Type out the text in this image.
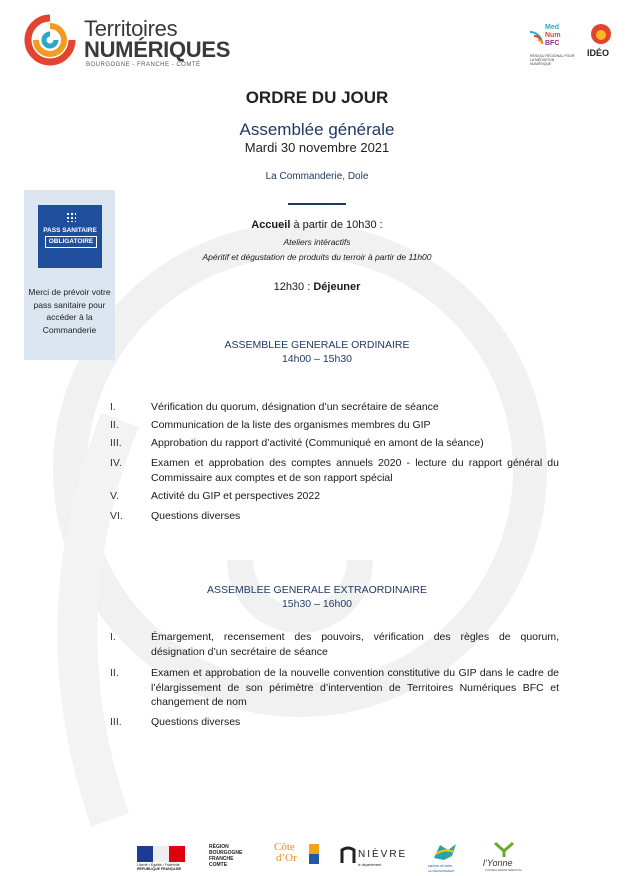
Territoires
NUMÉRIQUES
BOURGOGNE - FRANCHE - COMTÉ
Med
Num
BFC
RÉSEAU RÉGIONAL POUR LA MÉDIATION NUMÉRIQUE
IDÉO
ORDRE DU JOUR
Assemblée générale
Mardi 30 novembre 2021
La Commanderie, Dole
Accueil à partir de 10h30 :
Ateliers intéractifs
Apéritif et dégustation de produits du terroir à partir de 11h00
12h30 : Déjeuner
PASS SANITAIRE
OBLIGATOIRE
Merci de prévoir votre pass sanitaire pour accéder à la Commanderie
ASSEMBLEE GENERALE ORDINAIRE
14h00 – 15h30
I.	Vérification du quorum, désignation d’un secrétaire de séance
II.	Communication de la liste des organismes membres du GIP
III.	Approbation du rapport d’activité (Communiqué en amont de la séance)
IV.	Examen et approbation des comptes annuels 2020 - lecture du rapport général du Commissaire aux comptes et de son rapport spécial
V.	Activité du GIP et perspectives 2022
VI.	Questions diverses
ASSEMBLEE GENERALE EXTRAORDINAIRE
15h30 – 16h00
I.	Émargement, recensement des pouvoirs, vérification des règles de quorum, désignation d’un secrétaire de séance
II.	Examen et approbation de la nouvelle convention constitutive du GIP dans le cadre de l’élargissement de son périmètre d’intervention de Territoires Numériques BFC et changement de nom
III.	Questions diverses
Liberté • Égalité • Fraternité
RÉPUBLIQUE FRANÇAISE
RÉGION
BOURGOGNE
FRANCHE
COMTE
Côte
d’Or	NIÈVRE
le département	saône-et-loire
LE DÉPARTEMENT
l’Yonne
CONSEIL DÉPARTEMENTAL
